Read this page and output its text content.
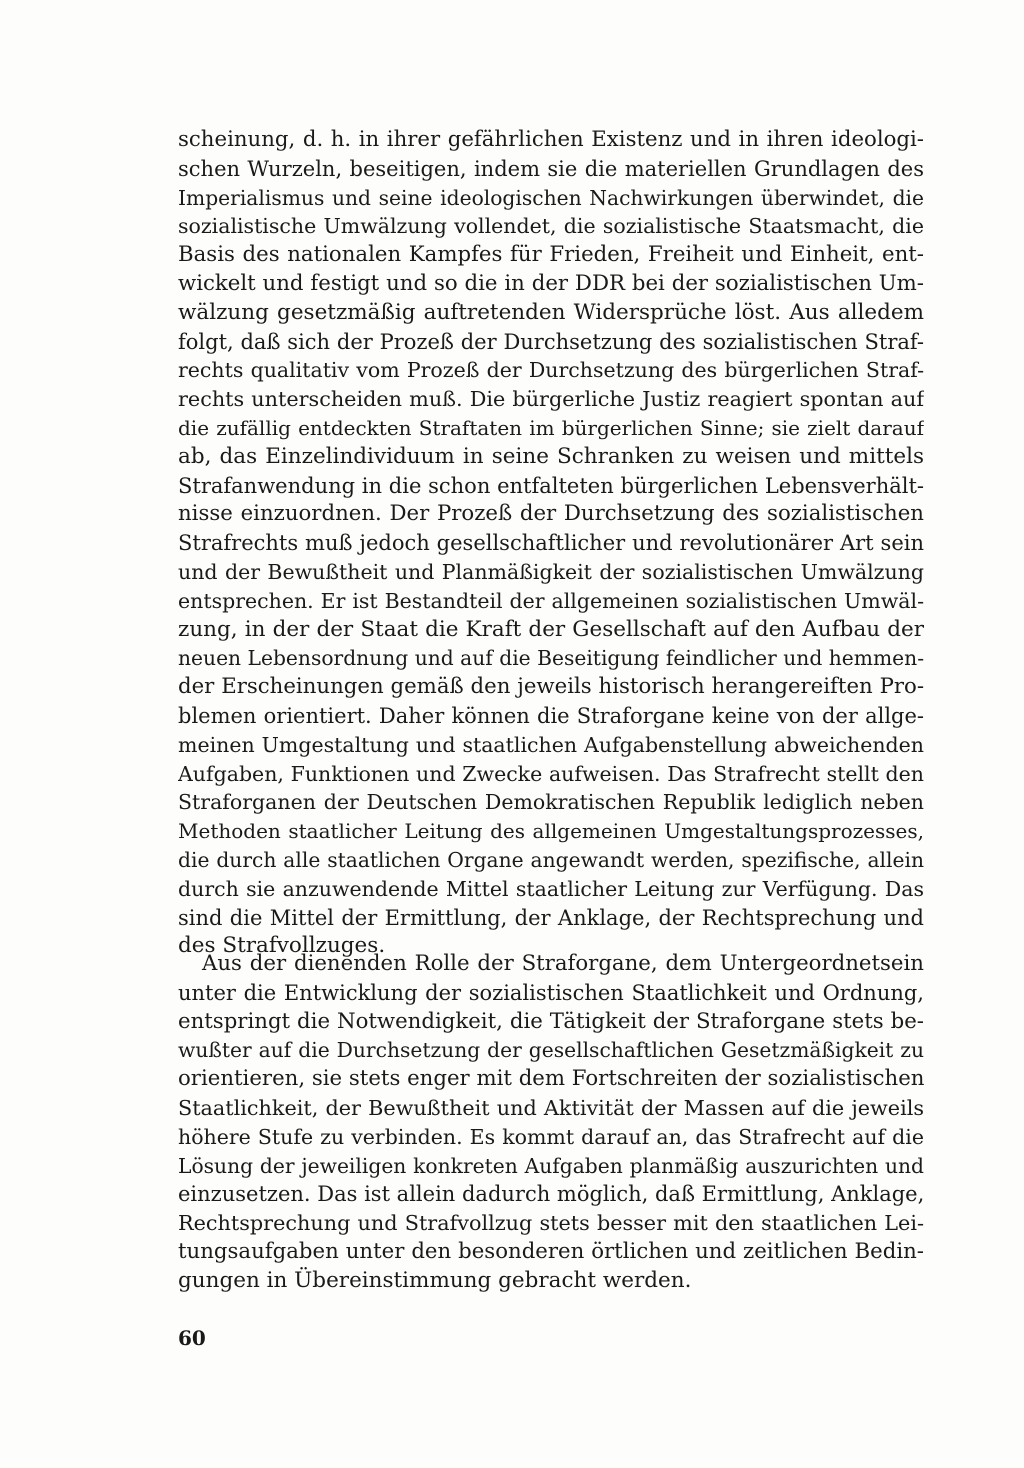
scheinung, d. h. in ihrer gefährlichen Existenz und in ihren ideologi-
schen Wurzeln, beseitigen, indem sie die materiellen Grundlagen des
Imperialismus und seine ideologischen Nachwirkungen überwindet, die
sozialistische Umwälzung vollendet, die sozialistische Staatsmacht, die
Basis des nationalen Kampfes für Frieden, Freiheit und Einheit, ent-
wickelt und festigt und so die in der DDR bei der sozialistischen Um-
wälzung gesetzmäßig auftretenden Widersprüche löst. Aus alledem
folgt, daß sich der Prozeß der Durchsetzung des sozialistischen Straf-
rechts qualitativ vom Prozeß der Durchsetzung des bürgerlichen Straf-
rechts unterscheiden muß. Die bürgerliche Justiz reagiert spontan auf
die zufällig entdeckten Straftaten im bürgerlichen Sinne; sie zielt darauf
ab, das Einzelindividuum in seine Schranken zu weisen und mittels
Strafanwendung in die schon entfalteten bürgerlichen Lebensverhält-
nisse einzuordnen. Der Prozeß der Durchsetzung des sozialistischen
Strafrechts muß jedoch gesellschaftlicher und revolutionärer Art sein
und der Bewußtheit und Planmäßigkeit der sozialistischen Umwälzung
entsprechen. Er ist Bestandteil der allgemeinen sozialistischen Umwäl-
zung, in der der Staat die Kraft der Gesellschaft auf den Aufbau der
neuen Lebensordnung und auf die Beseitigung feindlicher und hemmen-
der Erscheinungen gemäß den jeweils historisch herangereiften Pro-
blemen orientiert. Daher können die Straforgane keine von der allge-
meinen Umgestaltung und staatlichen Aufgabenstellung abweichenden
Aufgaben, Funktionen und Zwecke aufweisen. Das Strafrecht stellt den
Straforganen der Deutschen Demokratischen Republik lediglich neben
Methoden staatlicher Leitung des allgemeinen Umgestaltungsprozesses,
die durch alle staatlichen Organe angewandt werden, spezifische, allein
durch sie anzuwendende Mittel staatlicher Leitung zur Verfügung. Das
sind die Mittel der Ermittlung, der Anklage, der Rechtsprechung und
des Strafvollzuges.
Aus der dienenden Rolle der Straforgane, dem Untergeordnetsein
unter die Entwicklung der sozialistischen Staatlichkeit und Ordnung,
entspringt die Notwendigkeit, die Tätigkeit der Straforgane stets be-
wußter auf die Durchsetzung der gesellschaftlichen Gesetzmäßigkeit zu
orientieren, sie stets enger mit dem Fortschreiten der sozialistischen
Staatlichkeit, der Bewußtheit und Aktivität der Massen auf die jeweils
höhere Stufe zu verbinden. Es kommt darauf an, das Strafrecht auf die
Lösung der jeweiligen konkreten Aufgaben planmäßig auszurichten und
einzusetzen. Das ist allein dadurch möglich, daß Ermittlung, Anklage,
Rechtsprechung und Strafvollzug stets besser mit den staatlichen Lei-
tungsaufgaben unter den besonderen örtlichen und zeitlichen Bedin-
gungen in Übereinstimmung gebracht werden.
60
